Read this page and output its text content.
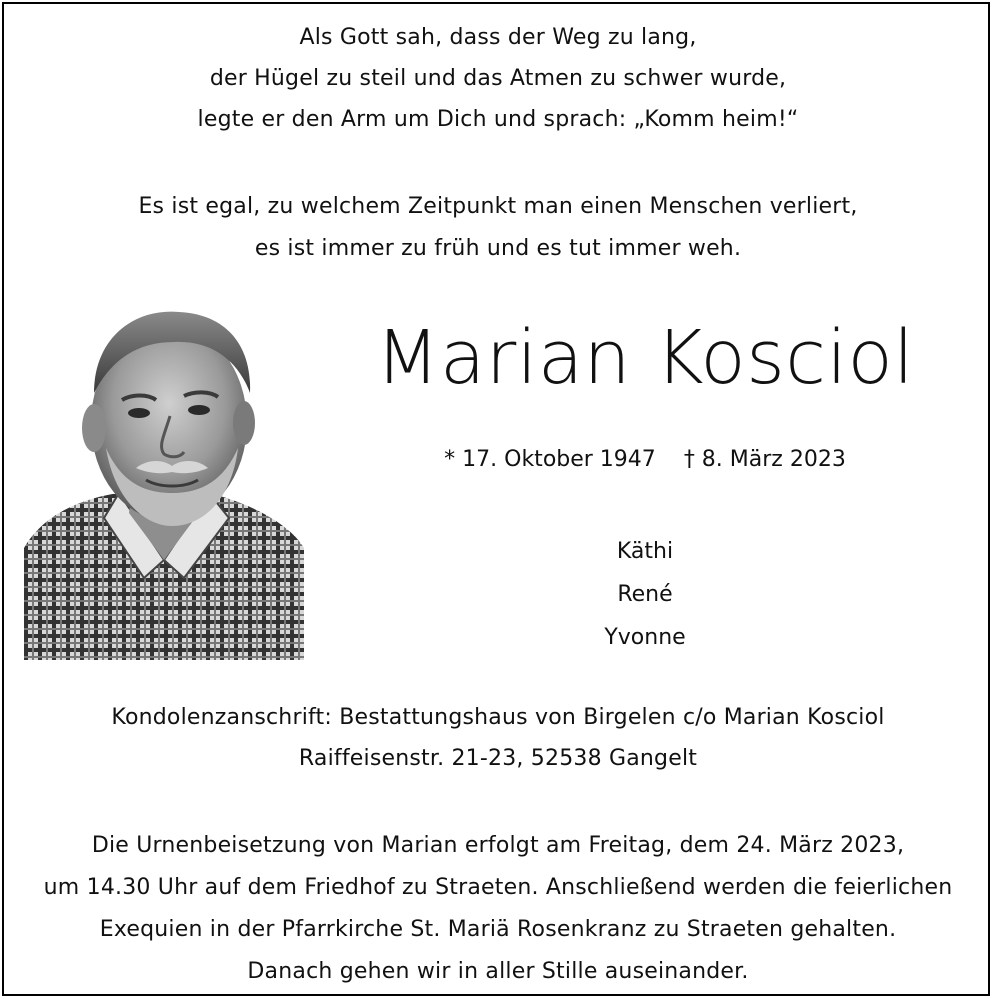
Als Gott sah, dass der Weg zu lang,
der Hügel zu steil und das Atmen zu schwer wurde,
legte er den Arm um Dich und sprach: „Komm heim!“
Es ist egal, zu welchem Zeitpunkt man einen Menschen verliert,
es ist immer zu früh und es tut immer weh.
Marian Kosciol
* 17. Oktober 1947 † 8. März 2023
Käthi
René
Yvonne
Kondolenzanschrift: Bestattungshaus von Birgelen c/o Marian Kosciol
Raiffeisenstr. 21-23, 52538 Gangelt
Die Urnenbeisetzung von Marian erfolgt am Freitag, dem 24. März 2023,
um 14.30 Uhr auf dem Friedhof zu Straeten. Anschließend werden die feierlichen
Exequien in der Pfarrkirche St. Mariä Rosenkranz zu Straeten gehalten.
Danach gehen wir in aller Stille auseinander.
